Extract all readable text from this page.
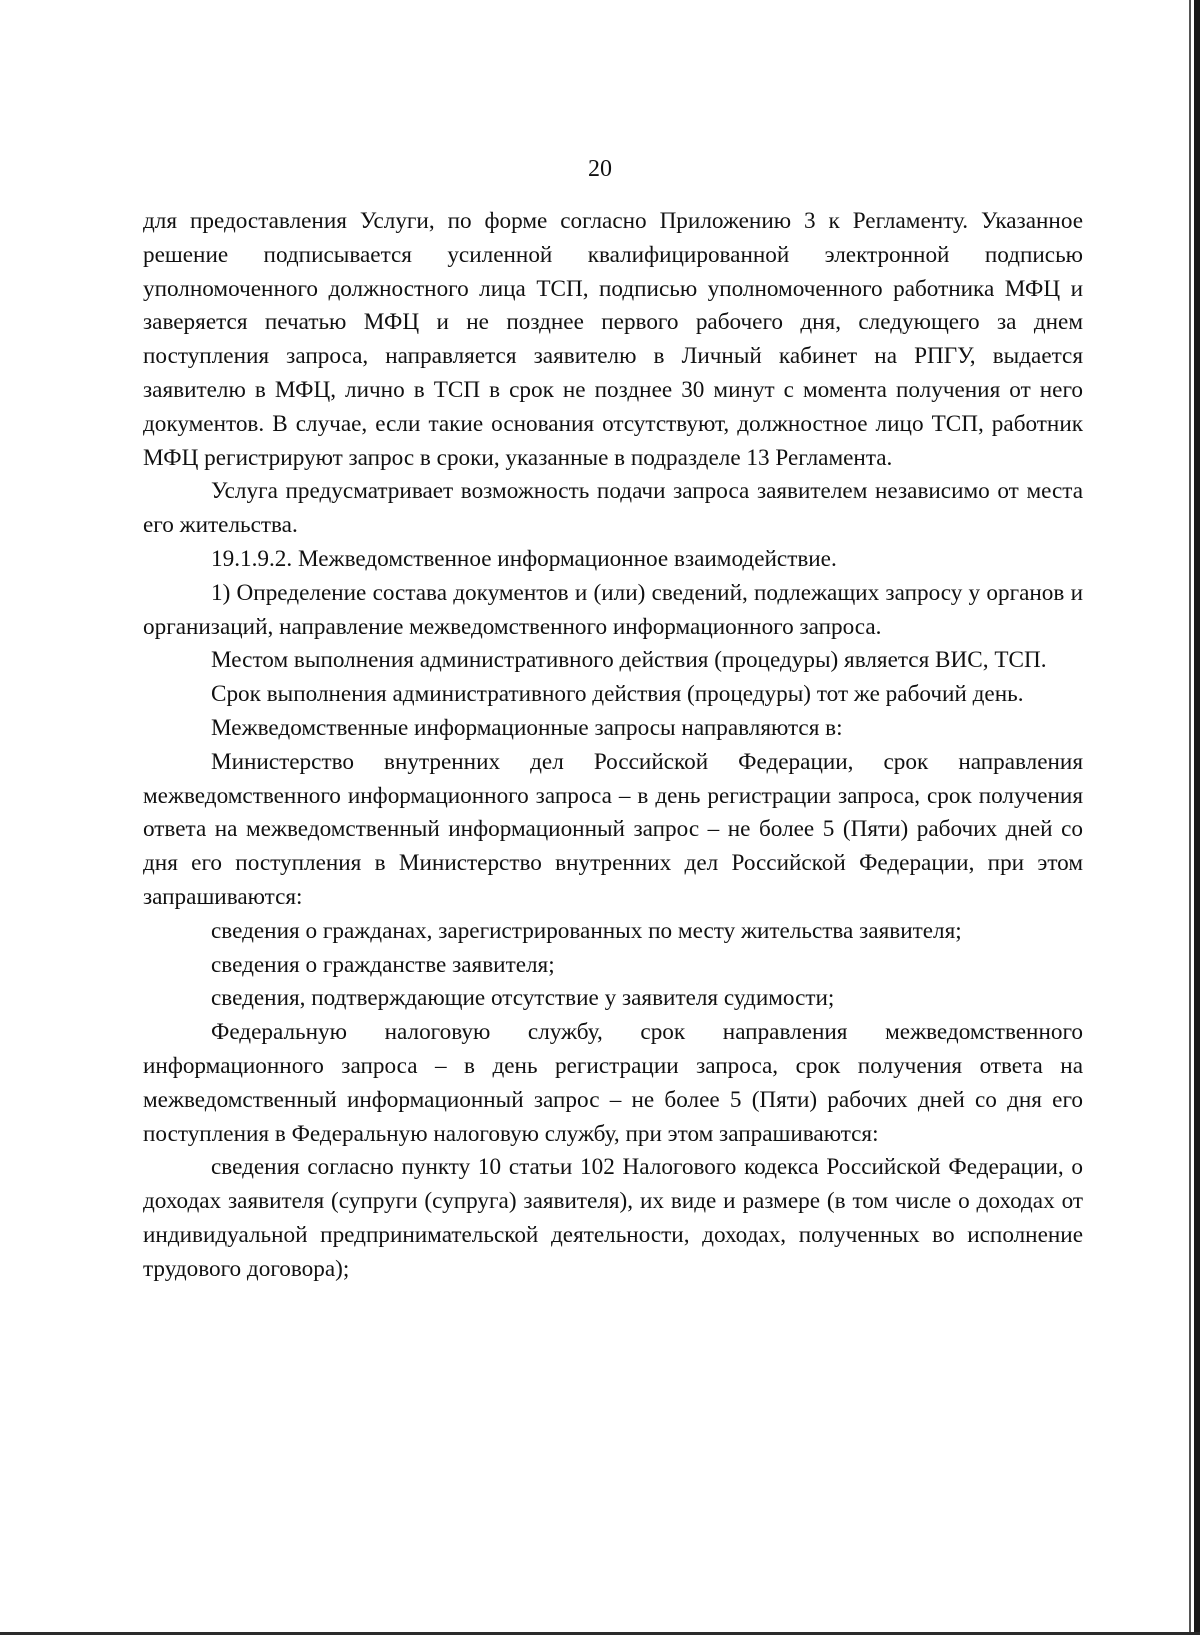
20

для предоставления Услуги, по форме согласно Приложению 3 к Регламенту. Указанное решение подписывается усиленной квалифицированной электронной подписью уполномоченного должностного лица ТСП, подписью уполномоченного работника МФЦ и заверяется печатью МФЦ и не позднее первого рабочего дня, следующего за днем поступления запроса, направляется заявителю в Личный кабинет на РПГУ, выдается заявителю в МФЦ, лично в ТСП в срок не позднее 30 минут с момента получения от него документов. В случае, если такие основания отсутствуют, должностное лицо ТСП, работник МФЦ регистрируют запрос в сроки, указанные в подразделе 13 Регламента.

Услуга предусматривает возможность подачи запроса заявителем независимо от места его жительства.

19.1.9.2. Межведомственное информационное взаимодействие.

1) Определение состава документов и (или) сведений, подлежащих запросу у органов и организаций, направление межведомственного информационного запроса.

Местом выполнения административного действия (процедуры) является ВИС, ТСП.

Срок выполнения административного действия (процедуры) тот же рабочий день.

Межведомственные информационные запросы направляются в:

Министерство внутренних дел Российской Федерации, срок направления межведомственного информационного запроса – в день регистрации запроса, срок получения ответа на межведомственный информационный запрос – не более 5 (Пяти) рабочих дней со дня его поступления в Министерство внутренних дел Российской Федерации, при этом запрашиваются:

сведения о гражданах, зарегистрированных по месту жительства заявителя;

сведения о гражданстве заявителя;

сведения, подтверждающие отсутствие у заявителя судимости;

Федеральную налоговую службу, срок направления межведомственного информационного запроса – в день регистрации запроса, срок получения ответа на межведомственный информационный запрос – не более 5 (Пяти) рабочих дней со дня его поступления в Федеральную налоговую службу, при этом запрашиваются:

сведения согласно пункту 10 статьи 102 Налогового кодекса Российской Федерации, о доходах заявителя (супруги (супруга) заявителя), их виде и размере (в том числе о доходах от индивидуальной предпринимательской деятельности, доходах, полученных во исполнение трудового договора);
